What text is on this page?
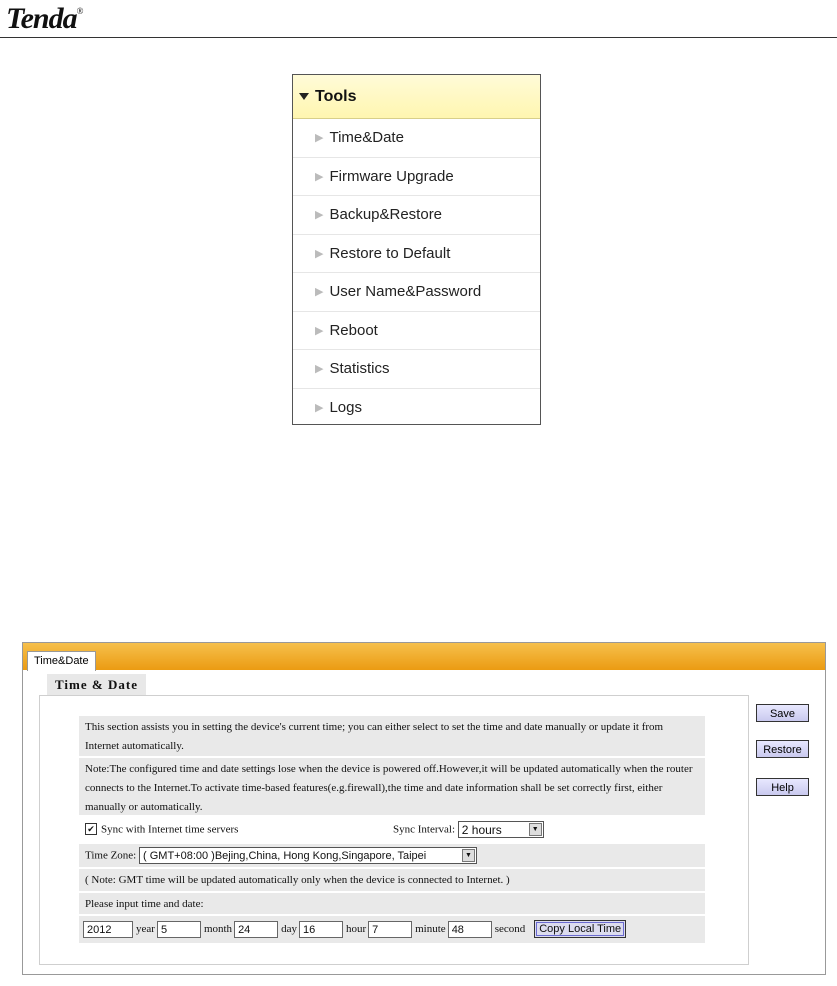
Tenda®
Tools
▶ Time&Date
▶ Firmware Upgrade
▶ Backup&Restore
▶ Restore to Default
▶ User Name&Password
▶ Reboot
▶ Statistics
▶ Logs
Time&Date
Time & Date
This section assists you in setting the device's current time; you can either select to set the time and date manually or update it from Internet automatically.
Note:The configured time and date settings lose when the device is powered off.However,it will be updated automatically when the router connects to the Internet.To activate time-based features(e.g.firewall),the time and date information shall be set correctly first, either manually or automatically.
✔ Sync with Internet time servers	Sync Interval: 2 hours	▼
Time Zone: ( GMT+08:00 )Bejing,China, Hong Kong,Singapore, Taipei	▼
( Note: GMT time will be updated automatically only when the device is connected to Internet. )
Please input time and date:
2012 year 5	month 24	day 16	hour 7	minute 48	second Copy Local Time
Save
Restore
Help
